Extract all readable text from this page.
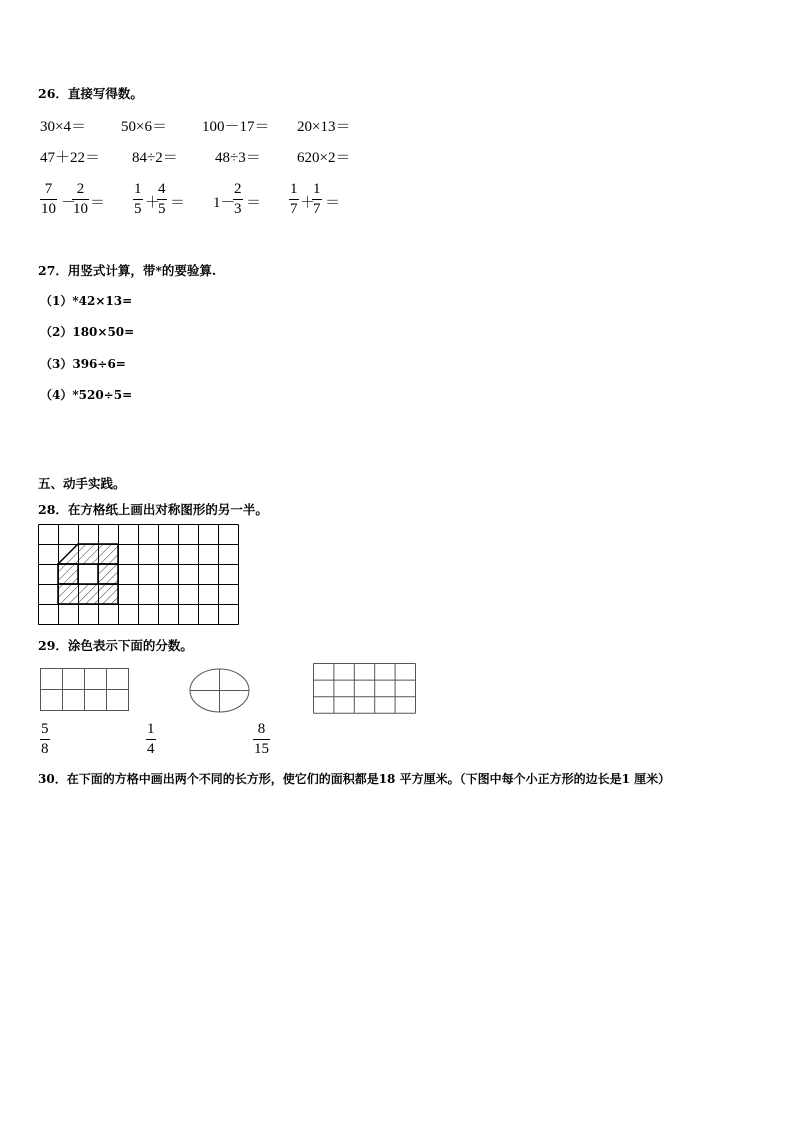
26．直接写得数。
30×4＝ 50×6＝ 100－17＝ 20×13＝
47＋22＝ 84÷2＝ 48÷3＝ 620×2＝
$\frac{7}{10}$ －
$\frac{2}{10} = \frac{1}{5}$ ＋
$\frac{4}{5} = 1-$
$\frac{2}{3} = \frac{1}{7}$ ＋
$\frac{1}{7}$ ＝
27．用竖式计算，带*的要验算.
（1）*42×13=
（2）180×50=
（3）396÷6=
（4）*520÷5=
五、动手实践。
28．在方格纸上画出对称图形的另一半。
29．涂色表示下面的分数。
$\frac{5}{8}$	$\frac{1}{4}$	$\frac{8}{15}$
30．在下面的方格中画出两个不同的长方形，使它们的面积都是18 平方厘米。（下图中每个小正方形的边长是1 厘米）
